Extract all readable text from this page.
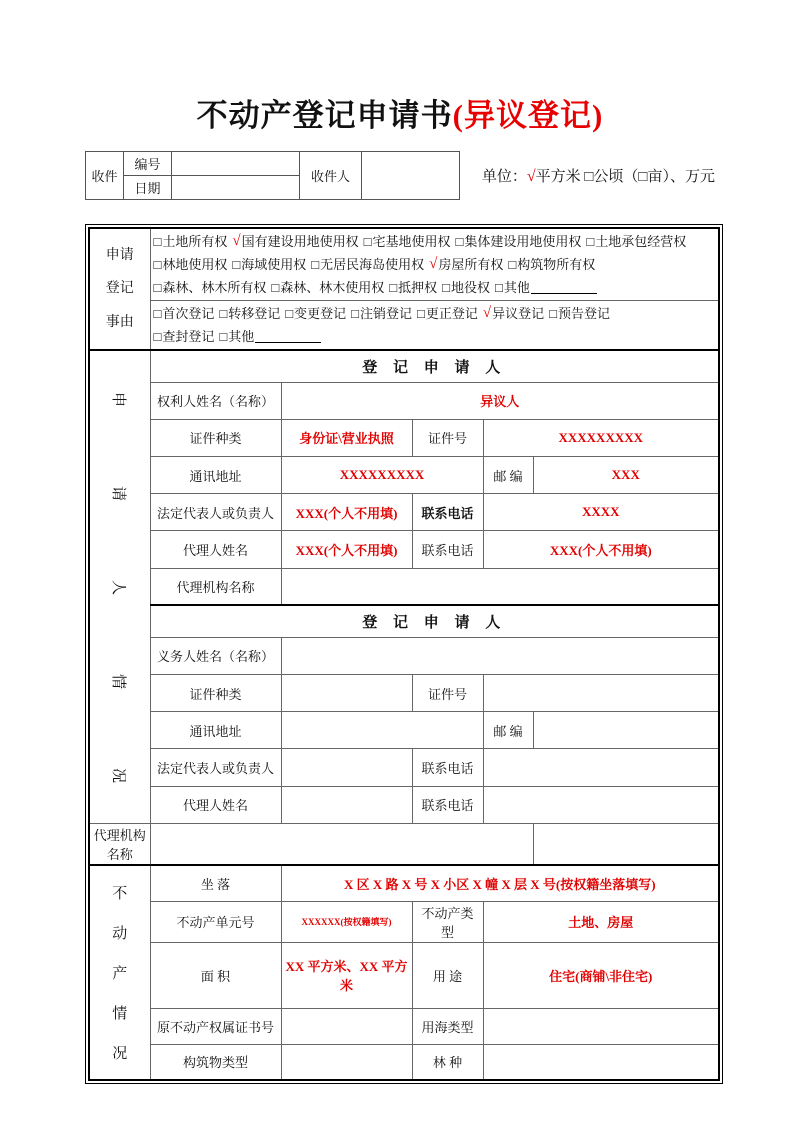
不动产登记申请书(异议登记)
收件	编号		收件人	
	日期			
单位：√平方米 □公顷（□亩）、万元
申请
登记
事由

□ 土地所有权 √ 国有建设用地使用权 □ 宅基地使用权 □ 集体建设用地使用权 □ 土地承包经营权
□ 林地使用权 □ 海域使用权 □ 无居民海岛使用权 √ 房屋所有权 □ 构筑物所有权
□ 森林、林木所有权 □ 森林、林木使用权 □ 抵押权 □ 地役权 □ 其他

□ 首次登记 □ 转移登记 □ 变更登记 □ 注销登记 □ 更正登记 √ 异议登记 □ 预告登记
□ 查封登记 □ 其他

申
请
人
情
况	登 记 申 请 人				
	权利人姓名（名称）	异议人			
	证件种类	身份证\营业执照	证件号	XXXXXXXXX	
	通讯地址	XXXXXXXXX		邮 编	XXX
	法定代表人或负责人	XXX(个人不用填)	联系电话	XXXX	
	代理人姓名	XXX(个人不用填)	联系电话	XXX(个人不用填)	
	代理机构名称				
	登 记 申 请 人				
	义务人姓名（名称）				
	证件种类		证件号		
	通讯地址			邮 编	
	法定代表人或负责人		联系电话		
	代理人姓名		联系电话		
代理机构名称					

不
动
产
情
况	坐 落	X 区 X 路 X 号 X 小区 X 幢 X 层 X 号(按权籍坐落填写)			
	不动产单元号	XXXXXX(按权籍填写)	不动产类型	土地、房屋	
	面 积	XX 平方米、XX 平方米	用 途	住宅(商铺\非住宅)	
	原不动产权属证书号		用海类型		
	构筑物类型		林 种		
